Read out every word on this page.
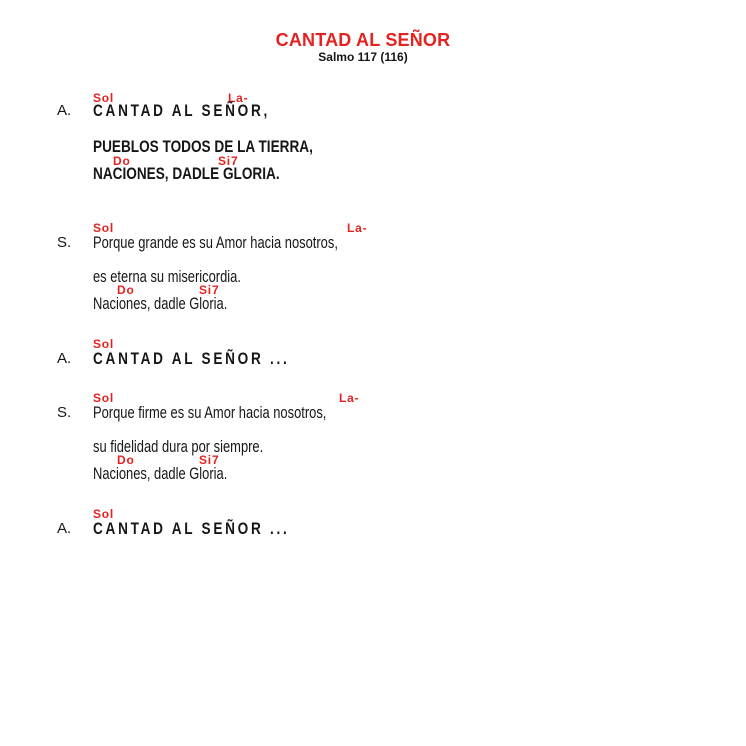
CANTAD AL SEÑOR
Salmo 117 (116)
Sol	La-
A. CANTAD AL SEÑOR,
PUEBLOS TODOS DE LA TIERRA,
Do	Si7
NACIONES, DADLE GLORIA.
Sol	La-
S. Porque grande es su Amor hacia nosotros,
es eterna su misericordia.
Do	Si7
Naciones, dadle Gloria.
Sol
A. CANTAD AL SEÑOR ...
Sol	La-
S. Porque firme es su Amor hacia nosotros,
su fidelidad dura por siempre.
Do	Si7
Naciones, dadle Gloria.
Sol
A. CANTAD AL SEÑOR ...
